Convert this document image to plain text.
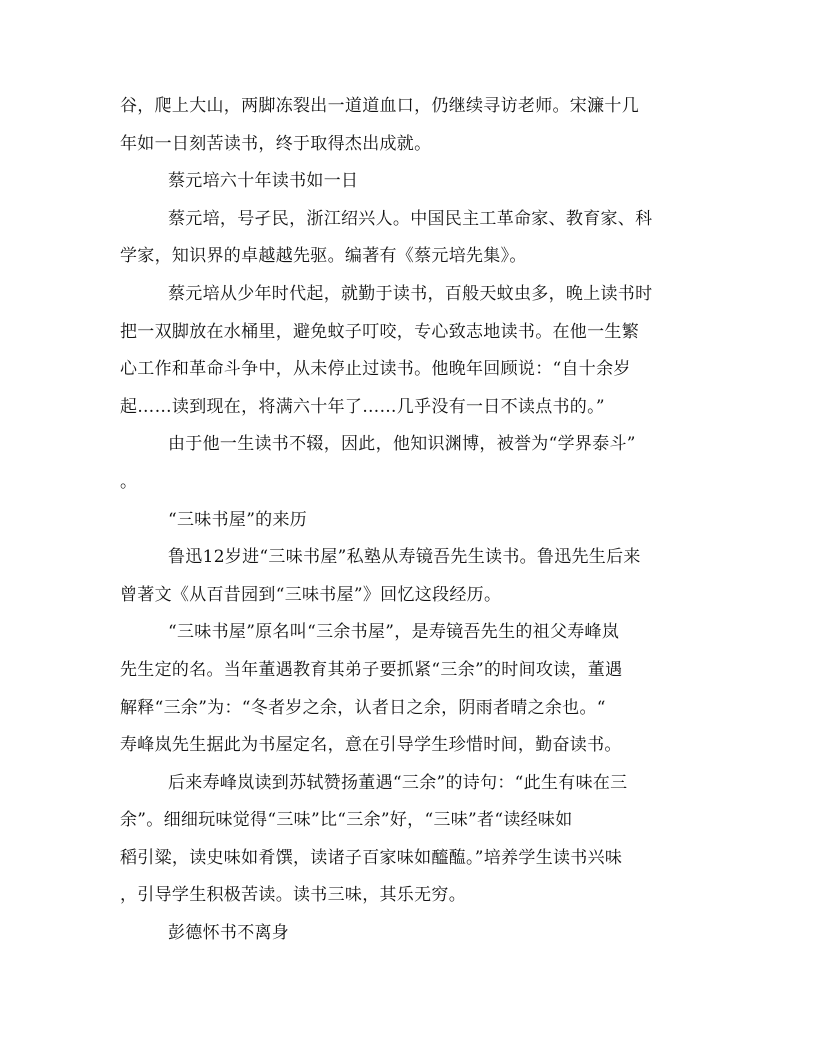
谷，爬上大山，两脚冻裂出一道道血口，仍继续寻访老师。宋濂十几
年如一日刻苦读书，终于取得杰出成就。
蔡元培六十年读书如一日
蔡元培，号孑民，浙江绍兴人。中国民主工革命家、教育家、科
学家，知识界的卓越越先驱。编著有《蔡元培先集》。
蔡元培从少年时代起，就勤于读书，百般天蚊虫多，晚上读书时
把一双脚放在水桶里，避免蚊子叮咬，专心致志地读书。在他一生繁
心工作和革命斗争中，从未停止过读书。他晚年回顾说：“自十余岁
起……读到现在，将满六十年了……几乎没有一日不读点书的。”
由于他一生读书不辍，因此，他知识渊博，被誉为“学界泰斗”
。
“三味书屋”的来历
鲁迅12岁进“三味书屋”私塾从寿镜吾先生读书。鲁迅先生后来
曾著文《从百昔园到“三味书屋”》回忆这段经历。
“三味书屋”原名叫“三余书屋”，是寿镜吾先生的祖父寿峰岚
先生定的名。当年董遇教育其弟子要抓紧“三余”的时间攻读，董遇
解释“三余”为：“冬者岁之余，认者日之余，阴雨者晴之余也。“
寿峰岚先生据此为书屋定名，意在引导学生珍惜时间，勤奋读书。
后来寿峰岚读到苏轼赞扬董遇“三余”的诗句：“此生有味在三
余”。细细玩味觉得“三味”比“三余”好，“三味”者“读经味如
稻引粱，读史味如肴馔，读诸子百家味如醯醢。”培养学生读书兴味
，引导学生积极苦读。读书三味，其乐无穷。
彭德怀书不离身
